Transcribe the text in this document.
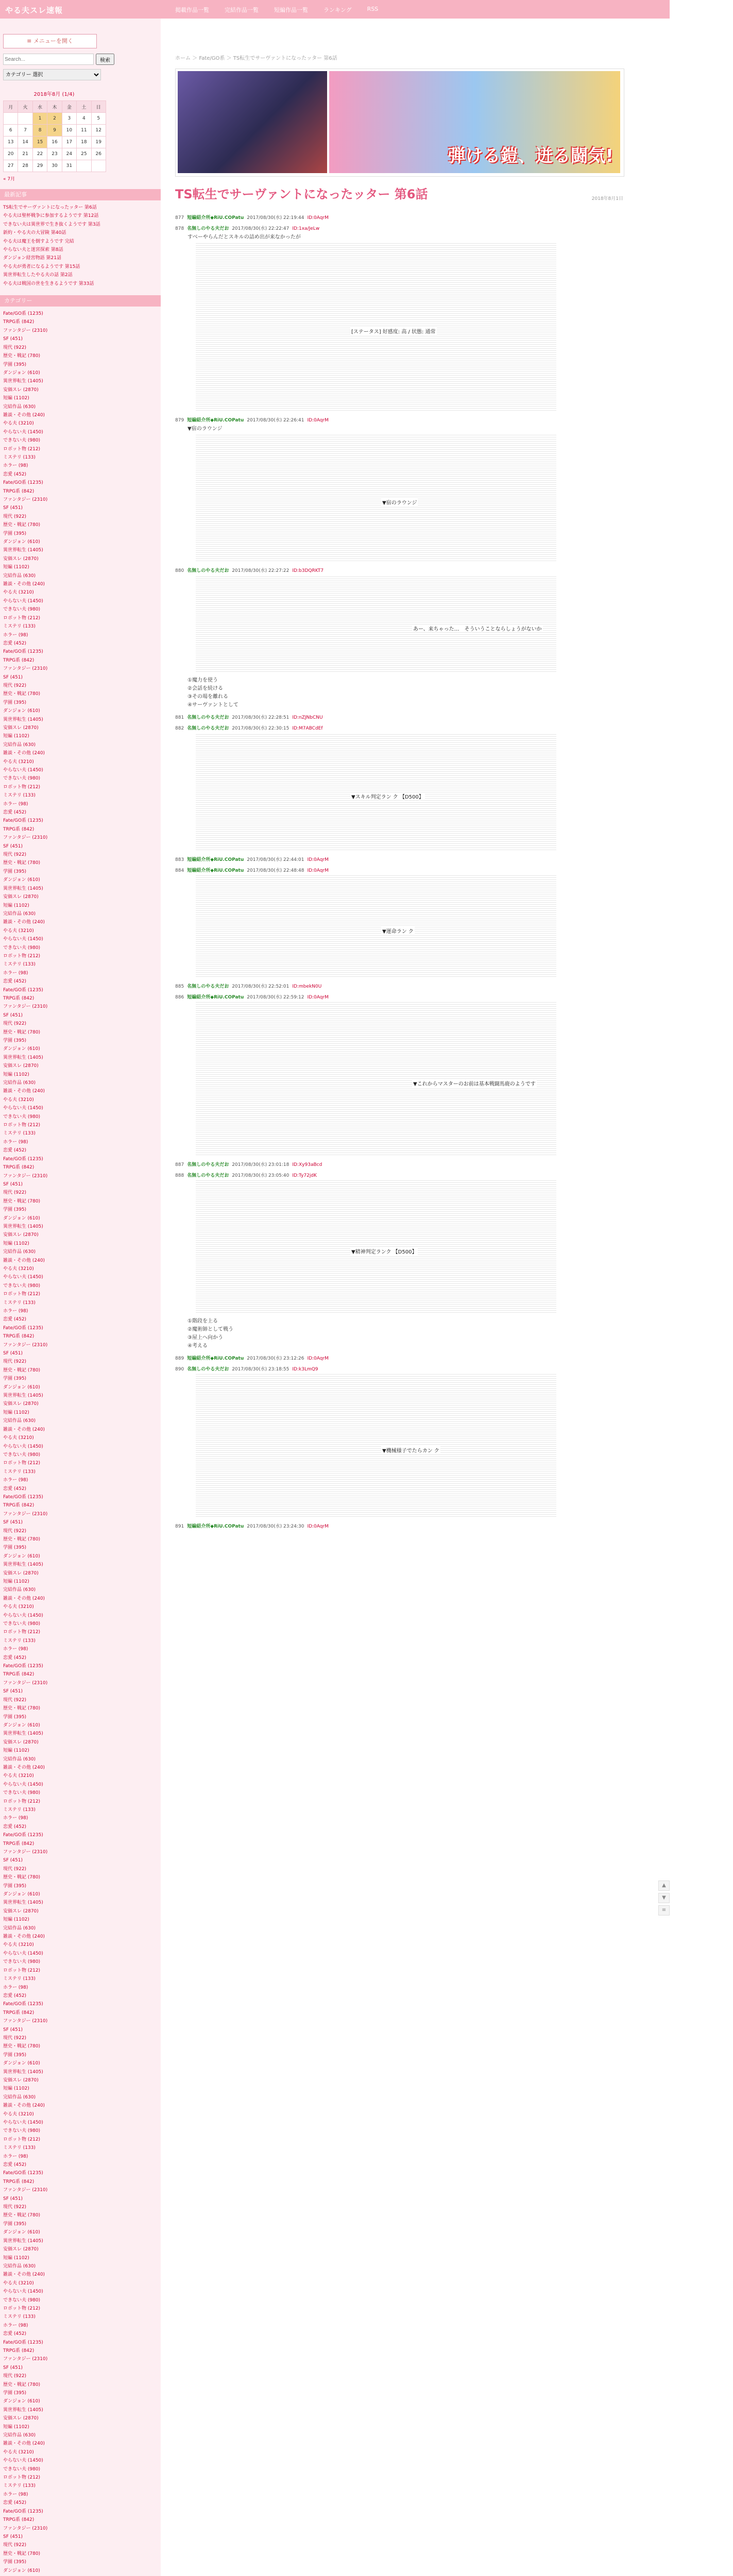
やる夫スレ速報	掲載作品一覧	完結作品一覧	短編作品一覧	ランキング	RSS
≡ メニューを開く
Search...
検索
カテゴリー 選択
2018年8月 (1/4)
月	火	水	木	金	土	日
		1	2	3	4	5
6	7	8	9	10	11	12
13	14	15	16	17	18	19
20	21	22	23	24	25	26
27	28	29	30	31		
« 7月
最新記事
TS転生でサーヴァントになったッター 第6話
やる夫は聖杯戦争に参加するようです 第12話
できない夫は異世界で生き抜くようです 第3話
新約・やる夫の大冒険 第40話
やる夫は魔王を倒すようです 完結
やらない夫と迷宮探索 第8話
ダンジョン経営物語 第21話
やる夫が勇者になるようです 第15話
異世界転生したやる夫の話 第2話
やる夫は戦国の世を生きるようです 第33話
カテゴリー
Fate/GO系 (1235)
TRPG系 (842)
ファンタジー (2310)
SF (451)
現代 (922)
歴史・戦記 (780)
学園 (395)
ダンジョン (610)
異世界転生 (1405)
安価スレ (2870)
短編 (1102)
完結作品 (630)
雑談・その他 (240)
やる夫 (3210)
やらない夫 (1450)
できない夫 (980)
ロボット物 (212)
ミステリ (133)
ホラー (98)
恋愛 (452)
Fate/GO系 (1235)
TRPG系 (842)
ファンタジー (2310)
SF (451)
現代 (922)
歴史・戦記 (780)
学園 (395)
ダンジョン (610)
異世界転生 (1405)
安価スレ (2870)
短編 (1102)
完結作品 (630)
雑談・その他 (240)
やる夫 (3210)
やらない夫 (1450)
できない夫 (980)
ロボット物 (212)
ミステリ (133)
ホラー (98)
恋愛 (452)
Fate/GO系 (1235)
TRPG系 (842)
ファンタジー (2310)
SF (451)
現代 (922)
歴史・戦記 (780)
学園 (395)
ダンジョン (610)
異世界転生 (1405)
安価スレ (2870)
短編 (1102)
完結作品 (630)
雑談・その他 (240)
やる夫 (3210)
やらない夫 (1450)
できない夫 (980)
ロボット物 (212)
ミステリ (133)
ホラー (98)
恋愛 (452)
Fate/GO系 (1235)
TRPG系 (842)
ファンタジー (2310)
SF (451)
現代 (922)
歴史・戦記 (780)
学園 (395)
ダンジョン (610)
異世界転生 (1405)
安価スレ (2870)
短編 (1102)
完結作品 (630)
雑談・その他 (240)
やる夫 (3210)
やらない夫 (1450)
できない夫 (980)
ロボット物 (212)
ミステリ (133)
ホラー (98)
恋愛 (452)
Fate/GO系 (1235)
TRPG系 (842)
ファンタジー (2310)
SF (451)
現代 (922)
歴史・戦記 (780)
学園 (395)
ダンジョン (610)
異世界転生 (1405)
安価スレ (2870)
短編 (1102)
完結作品 (630)
雑談・その他 (240)
やる夫 (3210)
やらない夫 (1450)
できない夫 (980)
ロボット物 (212)
ミステリ (133)
ホラー (98)
恋愛 (452)
Fate/GO系 (1235)
TRPG系 (842)
ファンタジー (2310)
SF (451)
現代 (922)
歴史・戦記 (780)
学園 (395)
ダンジョン (610)
異世界転生 (1405)
安価スレ (2870)
短編 (1102)
完結作品 (630)
雑談・その他 (240)
やる夫 (3210)
やらない夫 (1450)
できない夫 (980)
ロボット物 (212)
ミステリ (133)
ホラー (98)
恋愛 (452)
Fate/GO系 (1235)
TRPG系 (842)
ファンタジー (2310)
SF (451)
現代 (922)
歴史・戦記 (780)
学園 (395)
ダンジョン (610)
異世界転生 (1405)
安価スレ (2870)
短編 (1102)
完結作品 (630)
雑談・その他 (240)
やる夫 (3210)
やらない夫 (1450)
できない夫 (980)
ロボット物 (212)
ミステリ (133)
ホラー (98)
恋愛 (452)
Fate/GO系 (1235)
TRPG系 (842)
ファンタジー (2310)
SF (451)
現代 (922)
歴史・戦記 (780)
学園 (395)
ダンジョン (610)
異世界転生 (1405)
安価スレ (2870)
短編 (1102)
完結作品 (630)
雑談・その他 (240)
やる夫 (3210)
やらない夫 (1450)
できない夫 (980)
ロボット物 (212)
ミステリ (133)
ホラー (98)
恋愛 (452)
Fate/GO系 (1235)
TRPG系 (842)
ファンタジー (2310)
SF (451)
現代 (922)
歴史・戦記 (780)
学園 (395)
ダンジョン (610)
異世界転生 (1405)
安価スレ (2870)
短編 (1102)
完結作品 (630)
雑談・その他 (240)
やる夫 (3210)
やらない夫 (1450)
できない夫 (980)
ロボット物 (212)
ミステリ (133)
ホラー (98)
恋愛 (452)
Fate/GO系 (1235)
TRPG系 (842)
ファンタジー (2310)
SF (451)
現代 (922)
歴史・戦記 (780)
学園 (395)
ダンジョン (610)
異世界転生 (1405)
安価スレ (2870)
短編 (1102)
完結作品 (630)
雑談・その他 (240)
やる夫 (3210)
やらない夫 (1450)
できない夫 (980)
ロボット物 (212)
ミステリ (133)
ホラー (98)
恋愛 (452)
Fate/GO系 (1235)
TRPG系 (842)
ファンタジー (2310)
SF (451)
現代 (922)
歴史・戦記 (780)
学園 (395)
ダンジョン (610)
異世界転生 (1405)
安価スレ (2870)
短編 (1102)
完結作品 (630)
雑談・その他 (240)
やる夫 (3210)
やらない夫 (1450)
できない夫 (980)
ロボット物 (212)
ミステリ (133)
ホラー (98)
恋愛 (452)
Fate/GO系 (1235)
TRPG系 (842)
ファンタジー (2310)
SF (451)
現代 (922)
歴史・戦記 (780)
学園 (395)
ダンジョン (610)
異世界転生 (1405)
安価スレ (2870)
短編 (1102)
完結作品 (630)
雑談・その他 (240)
やる夫 (3210)
やらない夫 (1450)
できない夫 (980)
ロボット物 (212)
ミステリ (133)
ホラー (98)
恋愛 (452)
Fate/GO系 (1235)
TRPG系 (842)
ファンタジー (2310)
SF (451)
現代 (922)
歴史・戦記 (780)
学園 (395)
ダンジョン (610)
異世界転生 (1405)
安価スレ (2870)
短編 (1102)
完結作品 (630)
雑談・その他 (240)
やる夫 (3210)
やらない夫 (1450)
できない夫 (980)
ロボット物 (212)
ミステリ (133)
ホラー (98)
恋愛 (452)
Fate/GO系 (1235)
TRPG系 (842)
ファンタジー (2310)
SF (451)
現代 (922)
歴史・戦記 (780)
学園 (395)
ダンジョン (610)
ホーム ＞ Fate/GO系 ＞ TS転生でサーヴァントになったッター 第6話
弾ける鎧、迸る闘気!
TS転生でサーヴァントになったッター 第6話	2018年8月1日
877 短編紹介所◆RiU.COPatu 2017/08/30(水) 22:19:44 ID:0AqrM
878 名無しのやる夫だお 2017/08/30(水) 22:22:47 ID:1xa/JeLw
すべーやらんだとスキルの詰め出が来なかったが
[ステータス] 好感度: 高 / 状態: 通常
879 短編紹介所◆RiU.COPatu 2017/08/30(水) 22:26:41 ID:0AqrM
▼宿のラウンジ
▼宿のラウンジ
880 名無しのやる夫だお 2017/08/30(水) 22:27:22 ID:b3DQRKT7
あー、来ちゃった…　そういうことならしょうがないか
①魔力を使う
②会話を続ける
③その場を離れる
④サーヴァントとして
881 名無しのやる夫だお 2017/08/30(水) 22:28:51 ID:nZJNbCNU
882 名無しのやる夫だお 2017/08/30(水) 22:30:15 ID:M7ABCdEf
▼スキル判定ラン ク 【D500】
883 短編紹介所◆RiU.COPatu 2017/08/30(水) 22:44:01 ID:0AqrM
884 短編紹介所◆RiU.COPatu 2017/08/30(水) 22:48:48 ID:0AqrM
▼運命ラン ク
885 名無しのやる夫だお 2017/08/30(水) 22:52:01 ID:mbekN0U
886 短編紹介所◆RiU.COPatu 2017/08/30(水) 22:59:12 ID:0AqrM
▼これからマスターのお前は基本戦闘馬鹿のようです
887 名無しのやる夫だお 2017/08/30(水) 23:01:18 ID:Xy93aBcd
888 名無しのやる夫だお 2017/08/30(水) 23:05:40 ID:Ty72jdK
▼精神判定ランク 【D500】
①階段を上る
②魔術師として戦う
③屋上へ向かう
④考える
889 短編紹介所◆RiU.COPatu 2017/08/30(水) 23:12:26 ID:0AqrM
890 名無しのやる夫だお 2017/08/30(水) 23:18:55 ID:k3LmQ9
▼機械様子でたらカン ク
891 短編紹介所◆RiU.COPatu 2017/08/30(水) 23:24:30 ID:0AqrM
▲
▼
≡
